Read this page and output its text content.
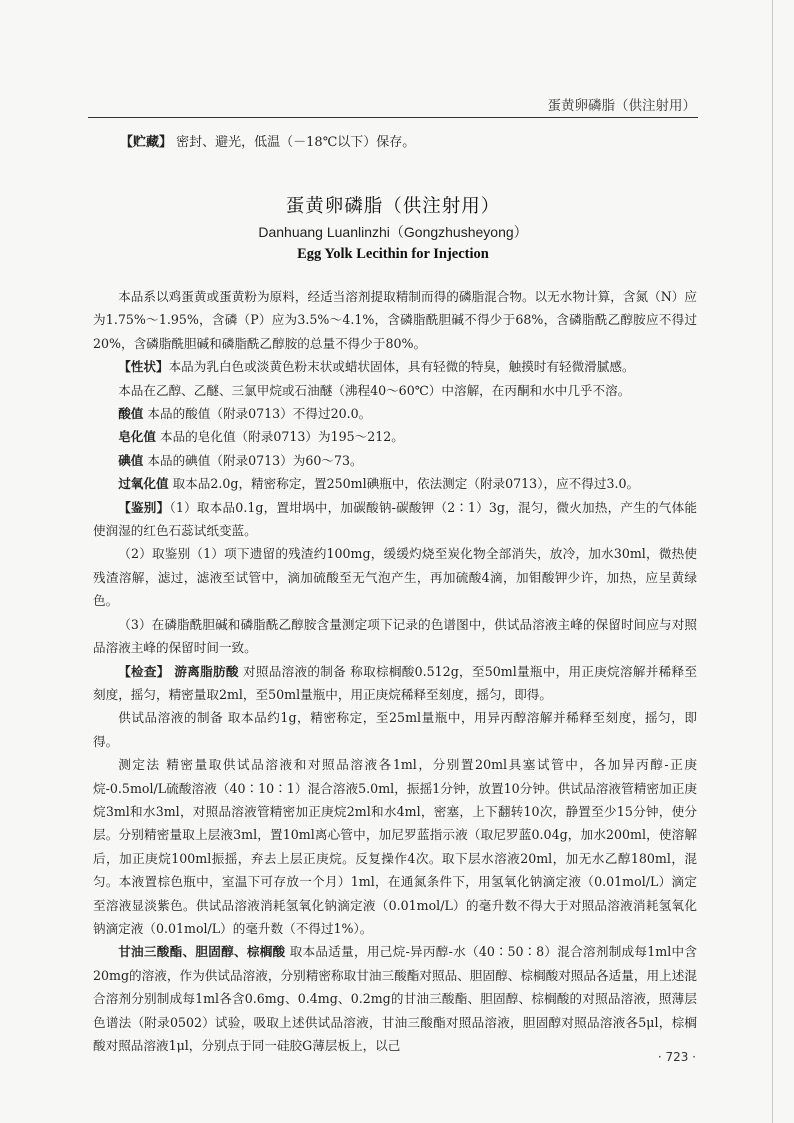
蛋黄卵磷脂（供注射用）
【贮藏】 密封、避光，低温（－18℃以下）保存。
蛋黄卵磷脂（供注射用）
Danhuang Luanlinzhi（Gongzhusheyong）
Egg Yolk Lecithin for Injection

本品系以鸡蛋黄或蛋黄粉为原料，经适当溶剂提取精制而得的磷脂混合物。以无水物计算，含氮（N）应为1.75%～1.95%，含磷（P）应为3.5%～4.1%，含磷脂酰胆碱不得少于68%，含磷脂酰乙醇胺应不得过20%，含磷脂酰胆碱和磷脂酰乙醇胺的总量不得少于80%。

【性状】本品为乳白色或淡黄色粉末状或蜡状固体，具有轻微的特臭，触摸时有轻微滑腻感。

本品在乙醇、乙醚、三氯甲烷或石油醚（沸程40～60℃）中溶解，在丙酮和水中几乎不溶。

酸值 本品的酸值（附录0713）不得过20.0。

皂化值 本品的皂化值（附录0713）为195～212。

碘值 本品的碘值（附录0713）为60～73。

过氧化值 取本品2.0g，精密称定，置250ml碘瓶中，依法测定（附录0713），应不得过3.0。

【鉴别】（1）取本品0.1g，置坩埚中，加碳酸钠-碳酸钾（2∶1）3g，混匀，微火加热，产生的气体能使润湿的红色石蕊试纸变蓝。

（2）取鉴别（1）项下遗留的残渣约100mg，缓缓灼烧至炭化物全部消失，放冷，加水30ml，微热使残渣溶解，滤过，滤液至试管中，滴加硫酸至无气泡产生，再加硫酸4滴，加钼酸钾少许，加热，应呈黄绿色。

（3）在磷脂酰胆碱和磷脂酰乙醇胺含量测定项下记录的色谱图中，供试品溶液主峰的保留时间应与对照品溶液主峰的保留时间一致。

【检查】 游离脂肪酸 对照品溶液的制备 称取棕榈酸0.512g，至50ml量瓶中，用正庚烷溶解并稀释至刻度，摇匀，精密量取2ml，至50ml量瓶中，用正庚烷稀释至刻度，摇匀，即得。

供试品溶液的制备 取本品约1g，精密称定，至25ml量瓶中，用异丙醇溶解并稀释至刻度，摇匀，即得。

测定法 精密量取供试品溶液和对照品溶液各1ml，分别置20ml具塞试管中，各加异丙醇-正庚烷-0.5mol/L硫酸溶液（40∶10∶1）混合溶液5.0ml，振摇1分钟，放置10分钟。供试品溶液管精密加正庚烷3ml和水3ml，对照品溶液管精密加正庚烷2ml和水4ml，密塞，上下翻转10次，静置至少15分钟，使分层。分别精密量取上层液3ml，置10ml离心管中，加尼罗蓝指示液（取尼罗蓝0.04g，加水200ml，使溶解后，加正庚烷100ml振摇，弃去上层正庚烷。反复操作4次。取下层水溶液20ml，加无水乙醇180ml，混匀。本液置棕色瓶中，室温下可存放一个月）1ml，在通氮条件下，用氢氧化钠滴定液（0.01mol/L）滴定至溶液显淡紫色。供试品溶液消耗氢氧化钠滴定液（0.01mol/L）的毫升数不得大于对照品溶液消耗氢氧化钠滴定液（0.01mol/L）的毫升数（不得过1%）。

甘油三酸酯、胆固醇、棕榈酸 取本品适量，用己烷-异丙醇-水（40∶50∶8）混合溶剂制成每1ml中含20mg的溶液，作为供试品溶液，分别精密称取甘油三酸酯对照品、胆固醇、棕榈酸对照品各适量，用上述混合溶剂分别制成每1ml各含0.6mg、0.4mg、0.2mg的甘油三酸酯、胆固醇、棕榈酸的对照品溶液，照薄层色谱法（附录0502）试验，吸取上述供试品溶液，甘油三酸酯对照品溶液，胆固醇对照品溶液各5μl，棕榈酸对照品溶液1μl，分别点于同一硅胶G薄层板上，以己

· 723 ·
